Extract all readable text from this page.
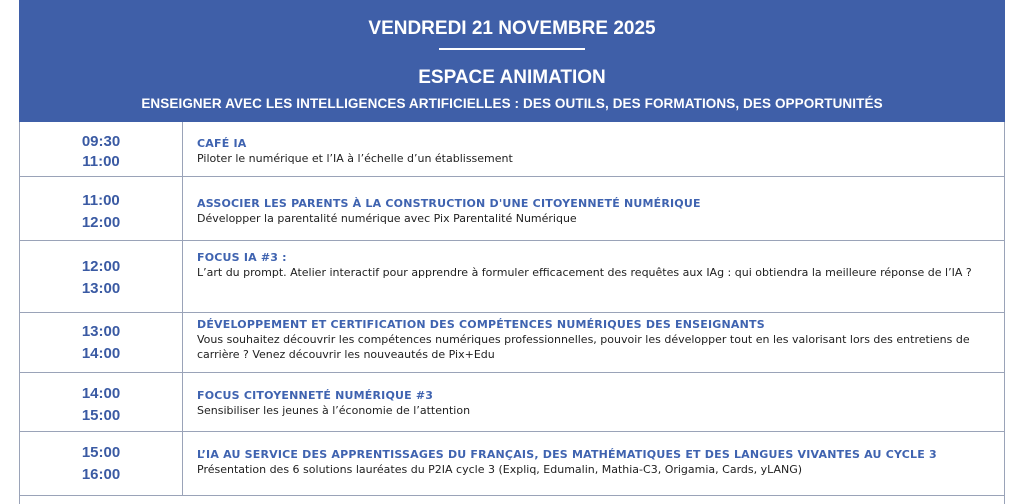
VENDREDI 21 NOVEMBRE 2025
ESPACE ANIMATION
ENSEIGNER AVEC LES INTELLIGENCES ARTIFICIELLES : DES OUTILS, DES FORMATIONS, DES OPPORTUNITÉS
09:30
11:00
CAFÉ IA
Piloter le numérique et l’IA à l’échelle d’un établissement
11:00
12:00
ASSOCIER LES PARENTS À LA CONSTRUCTION D'UNE CITOYENNETÉ NUMÉRIQUE
Développer la parentalité numérique avec Pix Parentalité Numérique
12:00
13:00
FOCUS IA #3 :
L’art du prompt. Atelier interactif pour apprendre à formuler efficacement des requêtes aux IAg : qui obtiendra la meilleure réponse de l’IA ?
13:00
14:00
DÉVELOPPEMENT ET CERTIFICATION DES COMPÉTENCES NUMÉRIQUES DES ENSEIGNANTS
Vous souhaitez découvrir les compétences numériques professionnelles, pouvoir les développer tout en les valorisant lors des entretiens de carrière ? Venez découvrir les nouveautés de Pix+Edu
14:00
15:00
FOCUS CITOYENNETÉ NUMÉRIQUE #3
Sensibiliser les jeunes à l’économie de l’attention
15:00
16:00
L’IA AU SERVICE DES APPRENTISSAGES DU FRANÇAIS, DES MATHÉMATIQUES ET DES LANGUES VIVANTES AU CYCLE 3
Présentation des 6 solutions lauréates du P2IA cycle 3 (Expliq, Edumalin, Mathia-C3, Origamia, Cards, yLANG)
